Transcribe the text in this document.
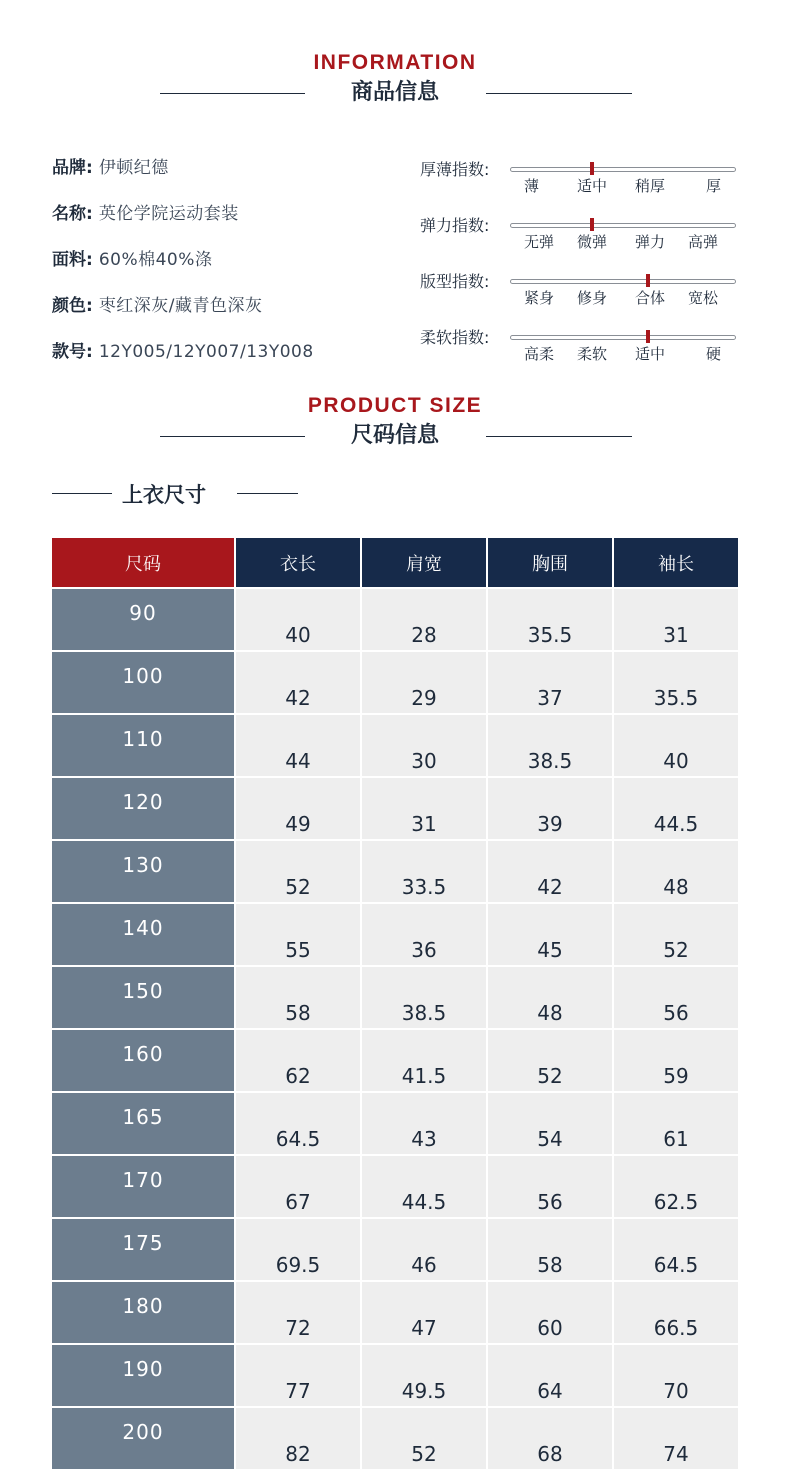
INFORMATION
商品信息
品牌: 伊顿纪德
名称: 英伦学院运动套装
面料: 60%棉40%涤
颜色: 枣红深灰/藏青色深灰
款号: 12Y005/12Y007/13Y008
厚薄指数:
薄	适中 稍厚	厚
弹力指数:
无弹 微弹 弹力 高弹
版型指数:
紧身 修身 合体 宽松
柔软指数:
高柔 柔软 适中	硬
PRODUCT SIZE
尺码信息
上衣尺寸
尺码	衣长	肩宽	胸围	袖长
90	40	28	35.5	31
100	42	29	37	35.5
110	44	30	38.5	40
120	49	31	39	44.5
130	52	33.5	42	48
140	55	36	45	52
150	58	38.5	48	56
160	62	41.5	52	59
165	64.5	43	54	61
170	67	44.5	56	62.5
175	69.5	46	58	64.5
180	72	47	60	66.5
190	77	49.5	64	70
200	82	52	68	74
